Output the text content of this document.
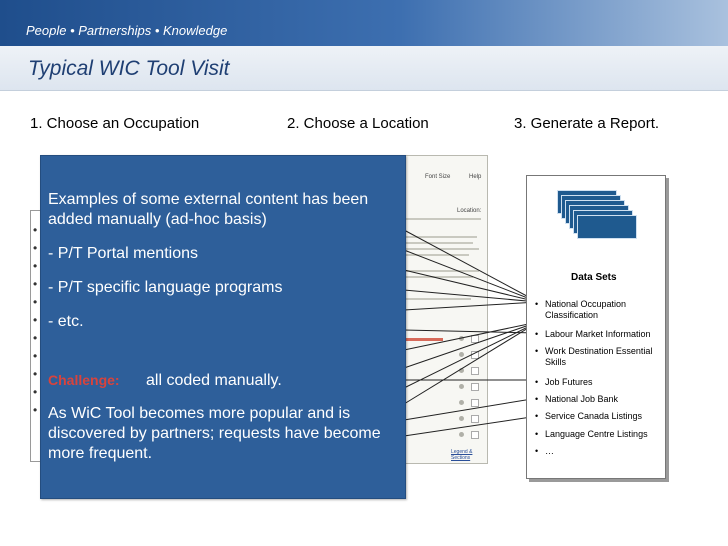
People • Partnerships • Knowledge
Typical WIC Tool Visit
1. Choose an Occupation	2. Choose a Location	3. Generate a Report.
•
•
•
•
•
•
•
•
•
•
•
Font Size	Help
Location:
Legend & Sections
Examples of some external content has been added manually (ad-hoc basis)
- P/T Portal mentions
- P/T specific language programs
- etc.
Challenge: all coded manually.
As WiC Tool becomes more popular and is discovered by partners; requests have become more frequent.
Data Sets
• National Occupation Classification
• Labour Market Information
• Work Destination Essential Skills
• Job Futures
• National Job Bank
• Service Canada Listings
• Language Centre Listings
• …
